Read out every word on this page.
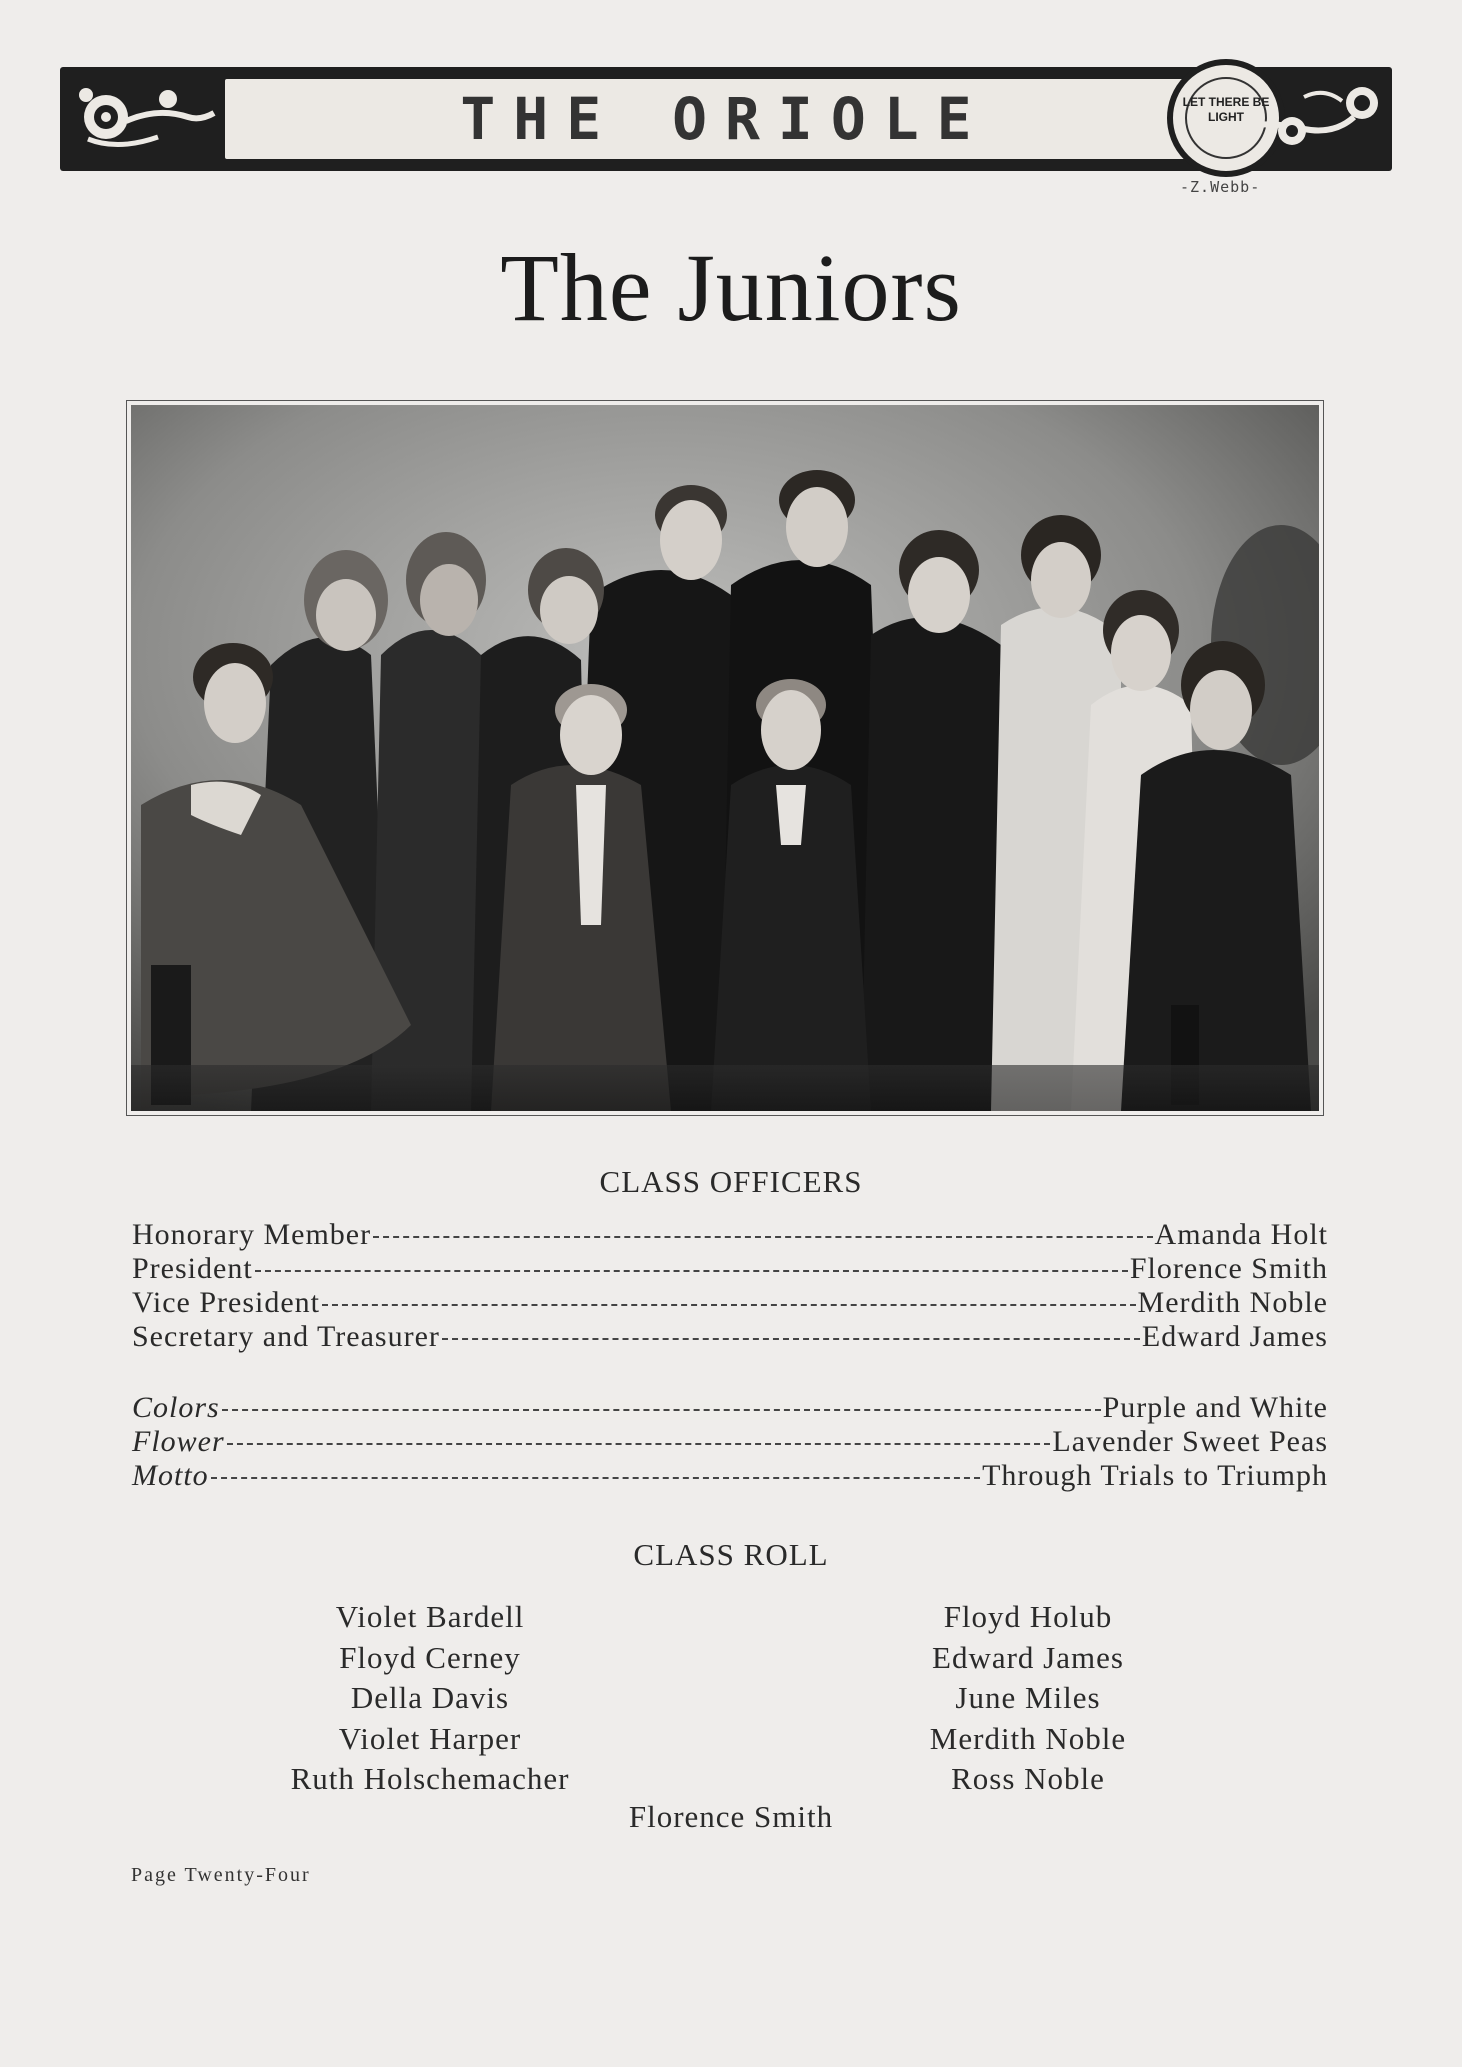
THE ORIOLE	LET THERE BE LIGHT
-Z.Webb-
The Juniors
CLASS OFFICERS
Honorary Member	Amanda Holt
President	Florence Smith
Vice President	Merdith Noble
Secretary and Treasurer	Edward James
Colors	Purple and White
Flower	Lavender Sweet Peas
Motto	Through Trials to Triumph
CLASS ROLL
Violet Bardell
Floyd Cerney
Della Davis
Violet Harper
Ruth Holschemacher
Floyd Holub
Edward James
June Miles
Merdith Noble
Ross Noble
Florence Smith
Page Twenty-Four
